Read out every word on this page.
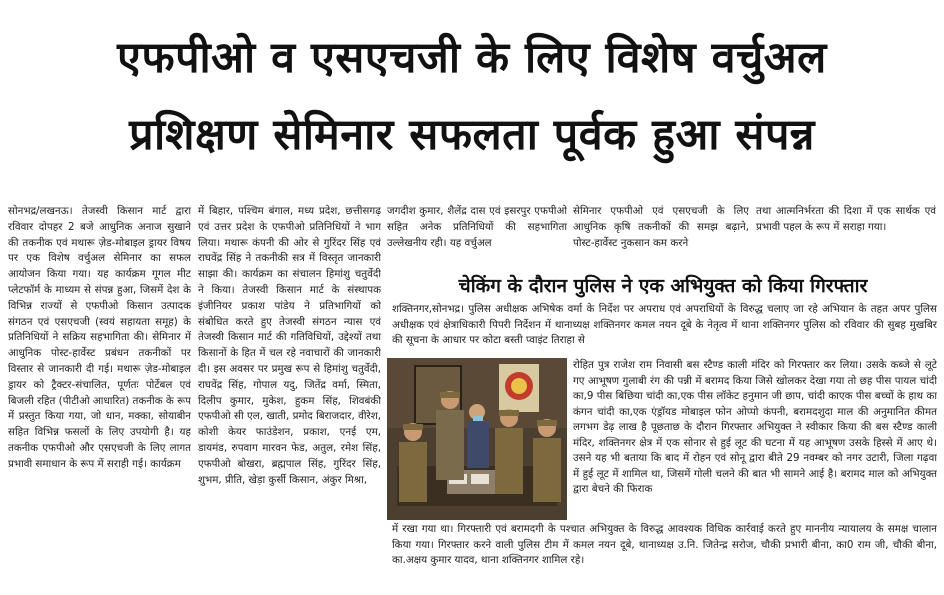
एफपीओ व एसएचजी के लिए विशेष वर्चुअल
प्रशिक्षण सेमिनार सफलता पूर्वक हुआ संपन्न
सोनभद्र/लखनऊ। तेजस्वी किसान मार्ट द्वारा रविवार दोपहर 2 बजे आधुनिक अनाज सुखाने की तकनीक एवं मथारू ज़ेड-मोबाइल ड्रायर विषय पर एक विशेष वर्चुअल सेमिनार का सफल आयोजन किया गया। यह कार्यक्रम गूगल मीट प्लेटफॉर्म के माध्यम से संपन्न हुआ, जिसमें देश के विभिन्न राज्यों से एफपीओ किसान उत्पादक संगठन एवं एसएचजी (स्वयं सहायता समूह) के प्रतिनिधियों ने सक्रिय सहभागिता की। सेमिनार में आधुनिक पोस्ट-हार्वेस्ट प्रबंधन तकनीकों पर विस्तार से जानकारी दी गई। मथारू ज़ेड-मोबाइल ड्रायर को ट्रैक्टर-संचालित, पूर्णतः पोर्टेबल एवं बिजली रहित (पीटीओ आधारित) तकनीक के रूप में प्रस्तुत किया गया, जो धान, मक्का, सोयाबीन सहित विभिन्न फसलों के लिए उपयोगी है। यह तकनीक एफपीओ और एसएचजी के लिए लागत प्रभावी समाधान के रूप में सराही गई। कार्यक्रम
में बिहार, पश्चिम बंगाल, मध्य प्रदेश, छत्तीसगढ़ एवं उत्तर प्रदेश के एफपीओ प्रतिनिधियों ने भाग लिया। मथारू कंपनी की ओर से गुरिंदर सिंह एवं राघवेंद्र सिंह ने तकनीकी सत्र में विस्तृत जानकारी साझा की। कार्यक्रम का संचालन हिमांशु चतुर्वेदी ने किया। तेजस्वी किसान मार्ट के संस्थापक इंजीनियर प्रकाश पांडेय ने प्रतिभागियों को संबोधित करते हुए तेजस्वी संगठन न्यास एवं तेजस्वी किसान मार्ट की गतिविधियों, उद्देश्यों तथा किसानों के हित में चल रहे नवाचारों की जानकारी दी। इस अवसर पर प्रमुख रूप से हिमांशु चतुर्वेदी, राघवेंद्र सिंह, गोपाल यदु, जितेंद्र वर्मा, स्मिता, दिलीप कुमार, मुकेश, हुकम सिंह, शिवबंकी एफपीओ सी एल, खाती, प्रमोद बिराजदार, वीरेश, कोशी केयर फाउंडेशन, प्रकाश, एनई एम, डायमंड, रुपवाग मारवन फेड, अतुल, रमेश सिंह, एफपीओ बोखरा, ब्रह्मपाल सिंह, गुरिंदर सिंह, शुभम, प्रीति, खेड़ा कुर्सी किसान, अंकुर मिश्रा,
जगदीश कुमार, शैलेंद्र दास एवं इसरपुर एफपीओ सहित अनेक प्रतिनिधियों की सहभागिता उल्लेखनीय रही। यह वर्चुअल
सेमिनार एफपीओ एवं एसएचजी के लिए आधुनिक कृषि तकनीकों की समझ बढ़ाने, पोस्ट-हार्वेस्ट नुकसान कम करने
तथा आत्मनिर्भरता की दिशा में एक सार्थक एवं प्रभावी पहल के रूप में सराहा गया।
चेकिंग के दौरान पुलिस ने एक अभियुक्त को किया गिरफ्तार
शक्तिनगर,सोनभद्र। पुलिस अधीक्षक अभिषेक वर्मा के निर्देश पर अपराध एवं अपराधियों के विरुद्ध चलाए जा रहे अभियान के तहत अपर पुलिस अधीक्षक एवं क्षेत्राधिकारी पिपरी निर्देशन में थानाध्यक्ष शक्तिनगर कमल नयन दूबे के नेतृत्व में थाना शक्तिनगर पुलिस को रविवार की सुबह मुखबिर की सूचना के आधार पर कोटा बस्ती प्वाइंट तिराहा से
रोहित पुत्र राजेश राम निवासी बस स्टैण्ड काली मंदिर को गिरफ्तार कर लिया। उसके कब्जे से लूटे गए आभूषण गुलाबी रंग की पन्नी में बरामद किया जिसे खोलकर देखा गया तो छह पीस पायल चांदी का,9 पीस बिछिया चांदी का,एक पीस लॉकेट हनुमान जी छाप, चांदी काएक पीस बच्चों के हाथ का कंगन चांदी का,एक एंड्रॉयड मोबाइल फोन ओप्पो कंपनी, बरामदशुदा माल की अनुमानित कीमत लगभग डेढ़ लाख है पूछताछ के दौरान गिरफ्तार अभियुक्त ने स्वीकार किया की बस स्टैण्ड काली मंदिर, शक्तिनगर क्षेत्र में एक सोनार से हुई लूट की घटना में यह आभूषण उसके हिस्से में आए थे। उसने यह भी बताया कि बाद में रोहन एवं सोनू द्वारा बीते 29 नवम्बर को नगर उटारी, जिला गढ़वा में हुई लूट में शामिल था, जिसमें गोली चलने की बात भी सामने आई है। बरामद माल को अभियुक्त द्वारा बेचने की फिराक
में रखा गया था। गिरफ्तारी एवं बरामदगी के पश्चात अभियुक्त के विरुद्ध आवश्यक विधिक कार्रवाई करते हुए माननीय न्यायालय के समक्ष चालान किया गया। गिरफ्तार करने वाली पुलिस टीम में कमल नयन दूबे, थानाध्यक्ष उ.नि. जितेन्द्र सरोज, चौकी प्रभारी बीना, का0 राम जी, चौकी बीना, का.अक्षय कुमार यादव, थाना शक्तिनगर शामिल रहे।
